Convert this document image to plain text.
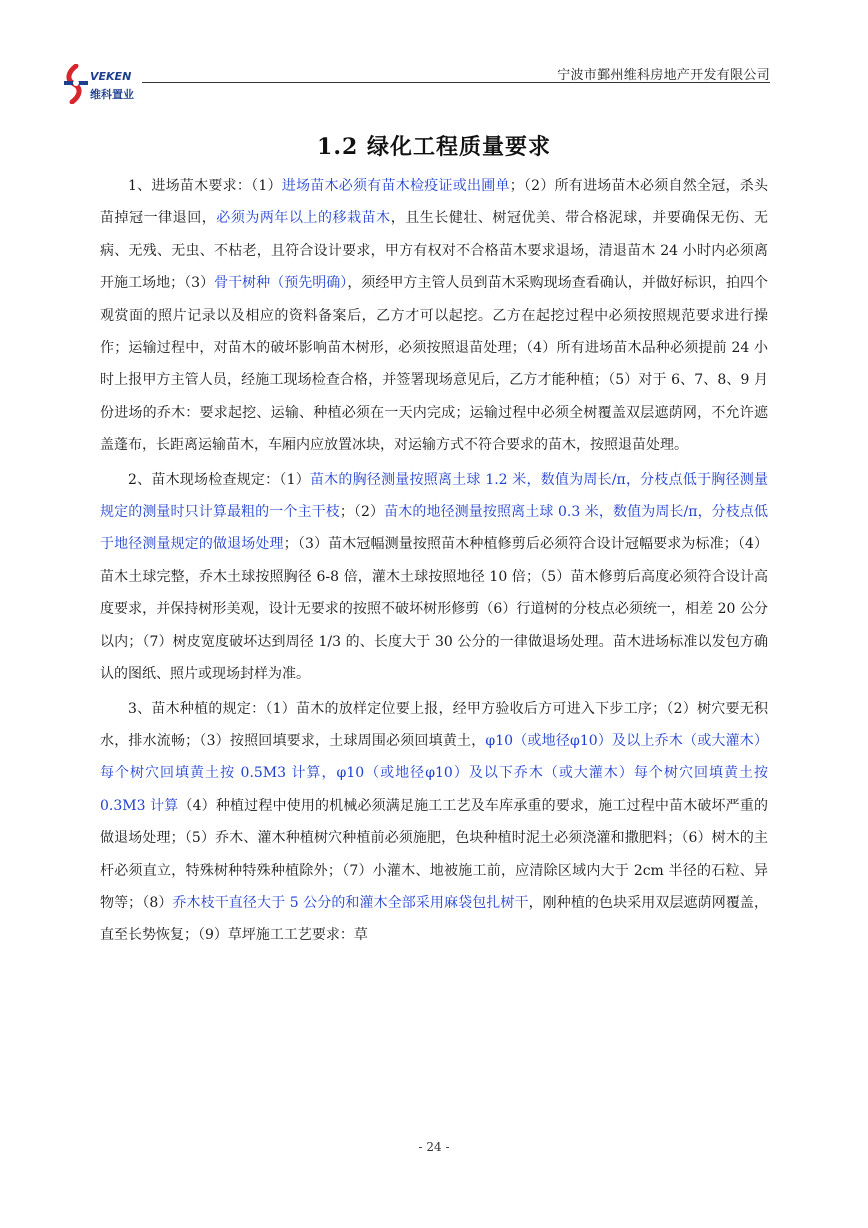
VEKEN
维科置业
宁波市鄞州维科房地产开发有限公司
1.2 绿化工程质量要求

1、进场苗木要求：（1）进场苗木必须有苗木检疫证或出圃单；（2）所有进场苗木必须自然全冠，杀头苗掉冠一律退回，必须为两年以上的移栽苗木，且生长健壮、树冠优美、带合格泥球，并要确保无伤、无病、无残、无虫、不枯老，且符合设计要求，甲方有权对不合格苗木要求退场，清退苗木 24 小时内必须离开施工场地；（3）骨干树种（预先明确），须经甲方主管人员到苗木采购现场查看确认，并做好标识，拍四个观赏面的照片记录以及相应的资料备案后，乙方才可以起挖。乙方在起挖过程中必须按照规范要求进行操作；运输过程中，对苗木的破坏影响苗木树形，必须按照退苗处理；（4）所有进场苗木品种必须提前 24 小时上报甲方主管人员，经施工现场检查合格，并签署现场意见后，乙方才能种植；（5）对于 6、7、8、9 月份进场的乔木：要求起挖、运输、种植必须在一天内完成；运输过程中必须全树覆盖双层遮荫网，不允许遮盖蓬布，长距离运输苗木，车厢内应放置冰块，对运输方式不符合要求的苗木，按照退苗处理。

2、苗木现场检查规定：（1）苗木的胸径测量按照离土球 1.2 米，数值为周长/π，分枝点低于胸径测量规定的测量时只计算最粗的一个主干枝；（2）苗木的地径测量按照离土球 0.3 米，数值为周长/π，分枝点低于地径测量规定的做退场处理；（3）苗木冠幅测量按照苗木种植修剪后必须符合设计冠幅要求为标准；（4）苗木土球完整，乔木土球按照胸径 6-8 倍，灌木土球按照地径 10 倍；（5）苗木修剪后高度必须符合设计高度要求，并保持树形美观，设计无要求的按照不破坏树形修剪（6）行道树的分枝点必须统一，相差 20 公分以内；（7）树皮宽度破坏达到周径 1/3 的、长度大于 30 公分的一律做退场处理。苗木进场标准以发包方确认的图纸、照片或现场封样为准。

3、苗木种植的规定：（1）苗木的放样定位要上报，经甲方验收后方可进入下步工序；（2）树穴要无积水，排水流畅；（3）按照回填要求，土球周围必须回填黄土，φ10（或地径φ10）及以上乔木（或大灌木）每个树穴回填黄土按 0.5M3 计算，φ10（或地径φ10）及以下乔木（或大灌木）每个树穴回填黄土按 0.3M3 计算（4）种植过程中使用的机械必须满足施工工艺及车库承重的要求，施工过程中苗木破坏严重的做退场处理；（5）乔木、灌木种植树穴种植前必须施肥，色块种植时泥土必须浇灌和撒肥料；（6）树木的主杆必须直立，特殊树种特殊种植除外；（7）小灌木、地被施工前，应清除区域内大于 2cm 半径的石粒、异物等；（8）乔木枝干直径大于 5 公分的和灌木全部采用麻袋包扎树干，刚种植的色块采用双层遮荫网覆盖，直至长势恢复；（9）草坪施工工艺要求：草

- 24 -
